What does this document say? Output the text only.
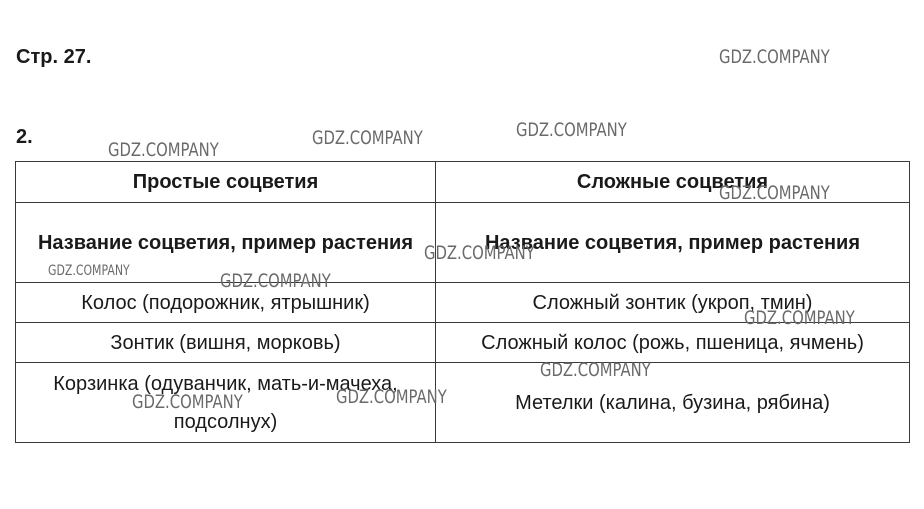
Стр. 27.
2.
Простые соцветия	Сложные соцветия
Название соцветия, пример растения	Название соцветия, пример растения
Колос (подорожник, ятрышник)	Сложный зонтик (укроп, тмин)
Зонтик (вишня, морковь)	Сложный колос (рожь, пшеница, ячмень)
Корзинка (одуванчик, мать-и-мачеха, подсолнух)	Метелки (калина, бузина, рябина)
GDZ.COMPANY
GDZ.COMPANY
GDZ.COMPANY	GDZ.COMPANY
GDZ.COMPANY
GDZ.COMPANY
GDZ.COMPANY
GDZ.COMPANY
GDZ.COMPANY
GDZ.COMPANY
GDZ.COMPANY	GDZ.COMPANY
